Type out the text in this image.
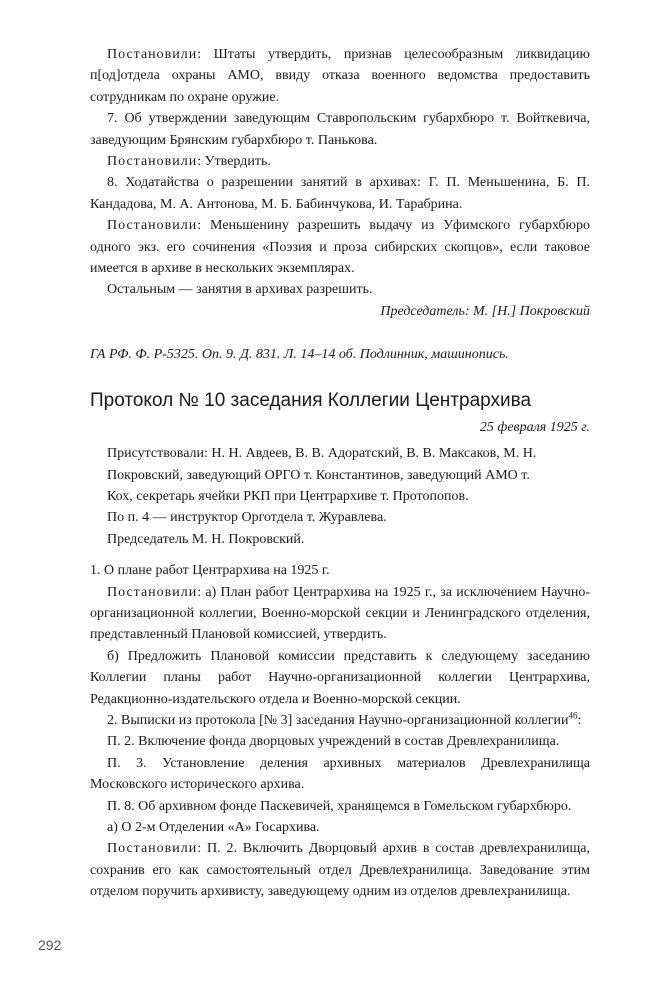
Постановили: Штаты утвердить, признав целесообразным ликвидацию п[од]отдела охраны АМО, ввиду отказа военного ведомства предоставить сотрудникам по охране оружие.

7. Об утверждении заведующим Ставропольским губархбюро т. Войткевича, заведующим Брянским губархбюро т. Панькова.

Постановили: Утвердить.

8. Ходатайства о разрешении занятий в архивах: Г. П. Меньшенина, Б. П. Кандадова, М. А. Антонова, М. Б. Бабинчукова, И. Тарабрина.

Постановили: Меньшенину разрешить выдачу из Уфимского губархбюро одного экз. его сочинения «Поэзия и проза сибирских скопцов», если таковое имеется в архиве в нескольких экземплярах.

Остальным — занятия в архивах разрешить.

Председатель: М. [Н.] Покровский

ГА РФ. Ф. Р-5325. Оп. 9. Д. 831. Л. 14–14 об. Подлинник, машинопись.

Протокол № 10 заседания Коллегии Центрархива

25 февраля 1925 г.

Присутствовали: Н. Н. Авдеев, В. В. Адоратский, В. В. Максаков, М. Н. Покровский, заведующий ОРГО т. Константинов, заведующий АМО т. Кох, секретарь ячейки РКП при Центрархиве т. Протопопов.

По п. 4 — инструктор Орготдела т. Журавлева.

Председатель М. Н. Покровский.

1. О плане работ Центрархива на 1925 г.

Постановили: а) План работ Центрархива на 1925 г., за исключением Научно-организационной коллегии, Военно-морской секции и Ленинградского отделения, представленный Плановой комиссией, утвердить.

б) Предложить Плановой комиссии представить к следующему заседанию Коллегии планы работ Научно-организационной коллегии Центрархива, Редакционно-издательского отдела и Военно-морской секции.

2. Выписки из протокола [№ 3] заседания Научно-организационной коллегии$^{46}$:

П. 2. Включение фонда дворцовых учреждений в состав Древлехранилища.

П. 3. Установление деления архивных материалов Древлехранилища Московского исторического архива.

П. 8. Об архивном фонде Паскевичей, хранящемся в Гомельском губархбюро.

а) О 2-м Отделении «А» Госархива.

Постановили: П. 2. Включить Дворцовый архив в состав древлехранилища, сохранив его как самостоятельный отдел Древлехранилища. Заведование этим отделом поручить архивисту, заведующему одним из отделов древлехранилища.

292
